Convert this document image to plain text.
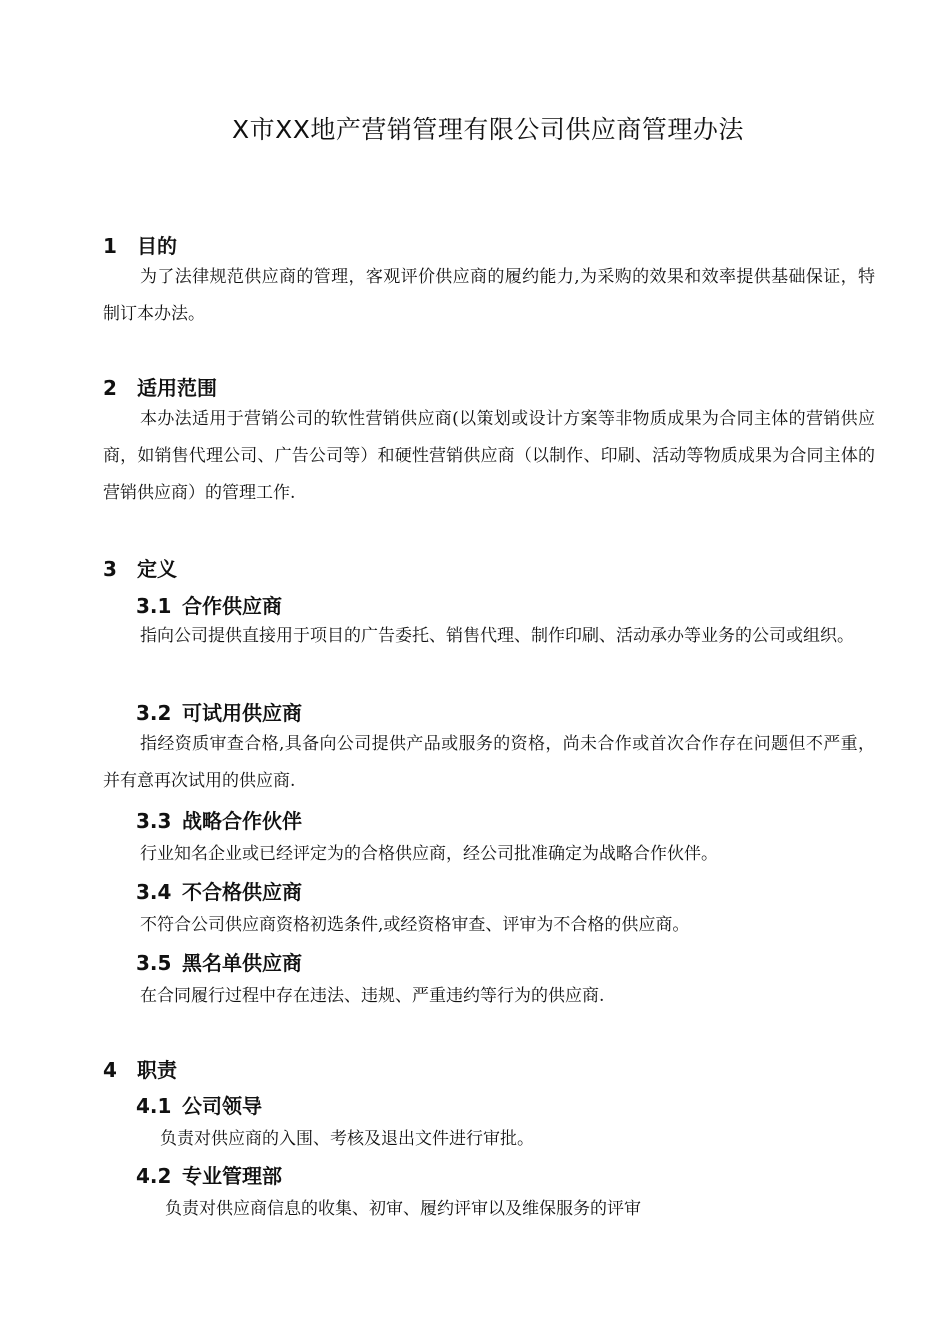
X市XX地产营销管理有限公司供应商管理办法
1 目的
为了法律规范供应商的管理，客观评价供应商的履约能力,为采购的效果和效率提供基础保证，特制订本办法。
2 适用范围
本办法适用于营销公司的软性营销供应商(以策划或设计方案等非物质成果为合同主体的营销供应商，如销售代理公司、广告公司等）和硬性营销供应商（以制作、印刷、活动等物质成果为合同主体的营销供应商）的管理工作.
3 定义
3.1 合作供应商
指向公司提供直接用于项目的广告委托、销售代理、制作印刷、活动承办等业务的公司或组织。
3.2 可试用供应商
指经资质审查合格,具备向公司提供产品或服务的资格，尚未合作或首次合作存在问题但不严重，并有意再次试用的供应商.
3.3 战略合作伙伴
行业知名企业或已经评定为的合格供应商，经公司批准确定为战略合作伙伴。
3.4 不合格供应商
不符合公司供应商资格初选条件,或经资格审查、评审为不合格的供应商。
3.5 黑名单供应商
在合同履行过程中存在违法、违规、严重违约等行为的供应商.
4 职责
4.1 公司领导
负责对供应商的入围、考核及退出文件进行审批。
4.2 专业管理部
负责对供应商信息的收集、初审、履约评审以及维保服务的评审
